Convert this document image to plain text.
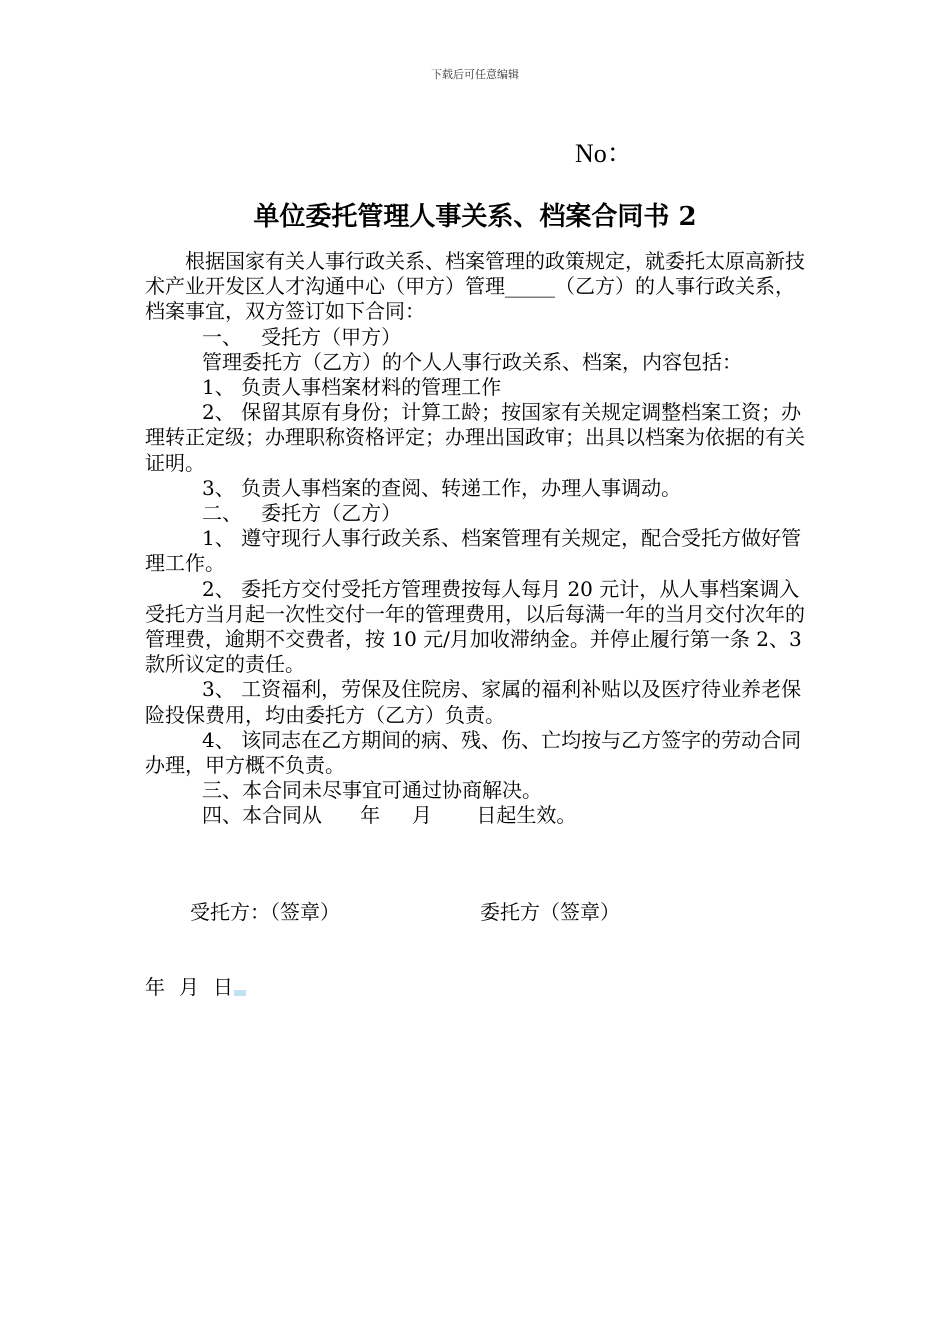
下载后可任意编辑
No：
单位委托管理人事关系、档案合同书 2

根据国家有关人事行政关系、档案管理的政策规定，就委托太原高新技术产业开发区人才沟通中心（甲方）管理_____（乙方）的人事行政关系，档案事宜，双方签订如下合同：

一、   受托方（甲方）

管理委托方（乙方）的个人人事行政关系、档案，内容包括：

1、 负责人事档案材料的管理工作

2、 保留其原有身份；计算工龄；按国家有关规定调整档案工资；办理转正定级；办理职称资格评定；办理出国政审；出具以档案为依据的有关证明。

3、 负责人事档案的查阅、转递工作，办理人事调动。

二、   委托方（乙方）

1、 遵守现行人事行政关系、档案管理有关规定，配合受托方做好管理工作。

2、 委托方交付受托方管理费按每人每月 20 元计，从人事档案调入受托方当月起一次性交付一年的管理费用，以后每满一年的当月交付次年的管理费，逾期不交费者，按 10 元/月加收滞纳金。并停止履行第一条 2、3 款所议定的责任。

3、 工资福利，劳保及住院房、家属的福利补贴以及医疗待业养老保险投保费用，均由委托方（乙方）负责。

4、 该同志在乙方期间的病、残、伤、亡均按与乙方签字的劳动合同办理，甲方概不负责。

三、本合同未尽事宜可通过协商解决。

四、本合同从      年     月       日起生效。

受托方：（签章）	委托方（签章）
年 月 日
